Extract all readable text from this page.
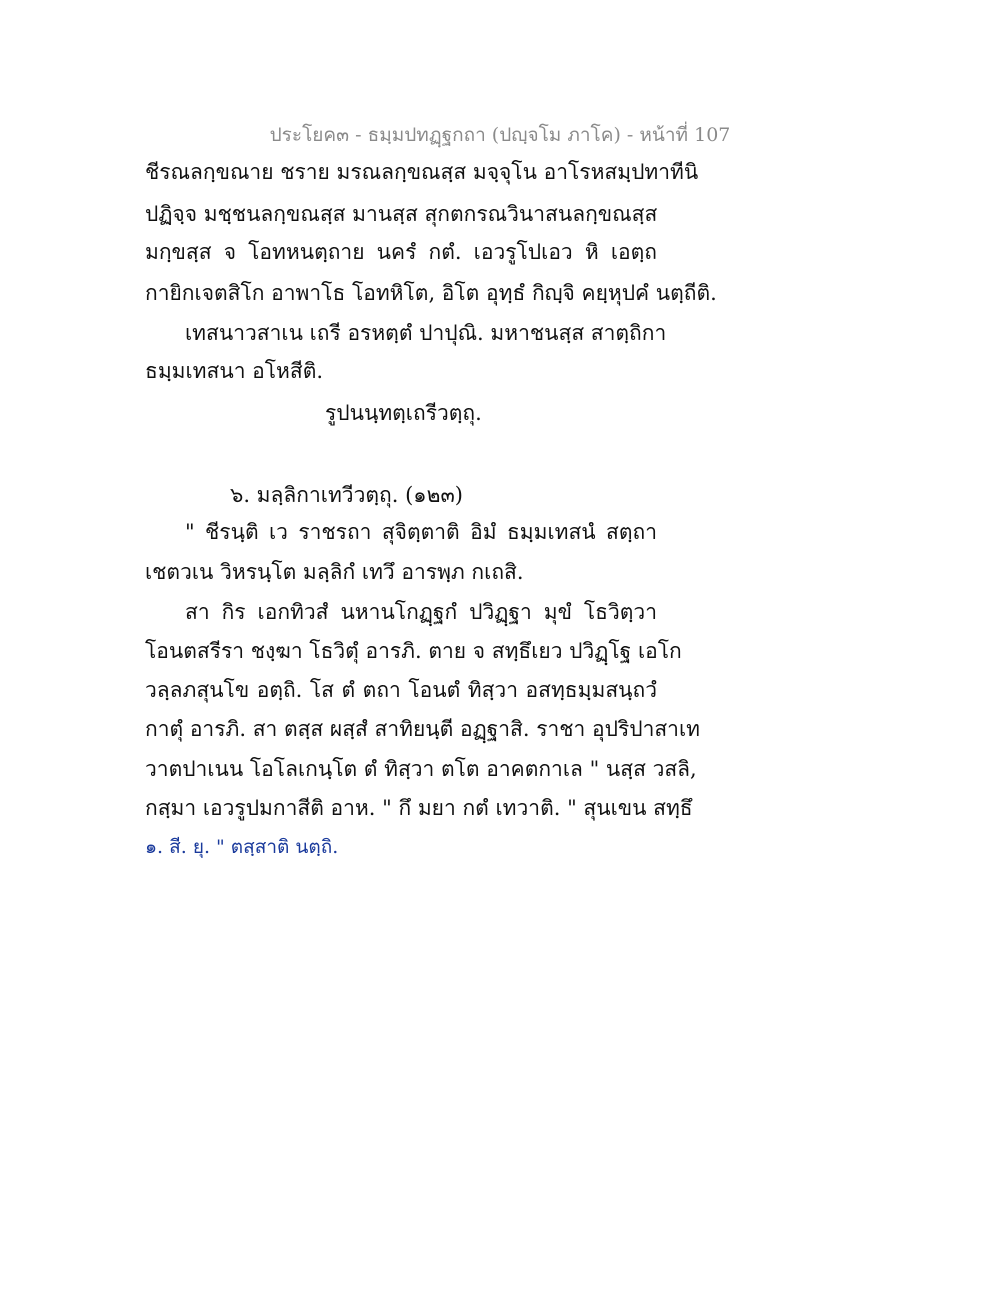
ประโยค๓ - ธมฺมปทฏฺฐกถา (ปญฺจโม ภาโค) - หน้าที่ 107
ชีรณลกฺขณาย ชราย มรณลกฺขณสฺส มจฺจุโน อาโรหสมฺปทาทีนิ
ปฏิจฺจ มชฺชนลกฺขณสฺส มานสฺส สุกตกรณวินาสนลกฺขณสฺส
มกฺขสฺส จ โอทหนตฺถาย นครํ กตํ. เอวรูโปเอว หิ เอตฺถ
กายิกเจตสิโก อาพาโธ โอทหิโต, อิโต อุทฺธํ กิญฺจิ คยฺหุปคํ นตฺถีติ.
เทสนาวสาเน เถรี อรหตฺตํ ปาปุณิ. มหาชนสฺส สาตฺถิกา
ธมฺมเทสนา อโหสีติ.
รูปนนฺทตฺเถรีวตฺถุ.
๖. มลฺลิกาเทวีวตฺถุ. (๑๒๓)
" ชีรนฺติ เว ราชรถา สุจิตฺตาติ อิมํ ธมฺมเทสนํ สตฺถา
เชตวเน วิหรนฺโต มลฺลิกํ เทวึ อารพฺภ กเถสิ.
สา กิร เอกทิวสํ นหานโกฏฺฐกํ ปวิฏฺฐา มุขํ โธวิตฺวา
โอนตสรีรา ชงฺฆา โธวิตุํ อารภิ. ตาย จ สทฺธึเยว ปวิฏฺโฐ เอโก
วลฺลภสุนโข อตฺถิ. โส ตํ ตถา โอนตํ ทิสฺวา อสทฺธมฺมสนฺถวํ
กาตุํ อารภิ. สา ตสฺส ผสฺสํ สาทิยนฺตี อฏฺฐาสิ. ราชา อุปริปาสาเท
วาตปาเนน โอโลเกนฺโต ตํ ทิสฺวา ตโต อาคตกาเล " นสฺส วสลิ,
กสฺมา เอวรูปมกาสีติ อาห. " กึ มยา กตํ เทวาติ. " สุนเขน สทฺธึ
๑. สี. ยุ. " ตสฺสาติ นตฺถิ.
